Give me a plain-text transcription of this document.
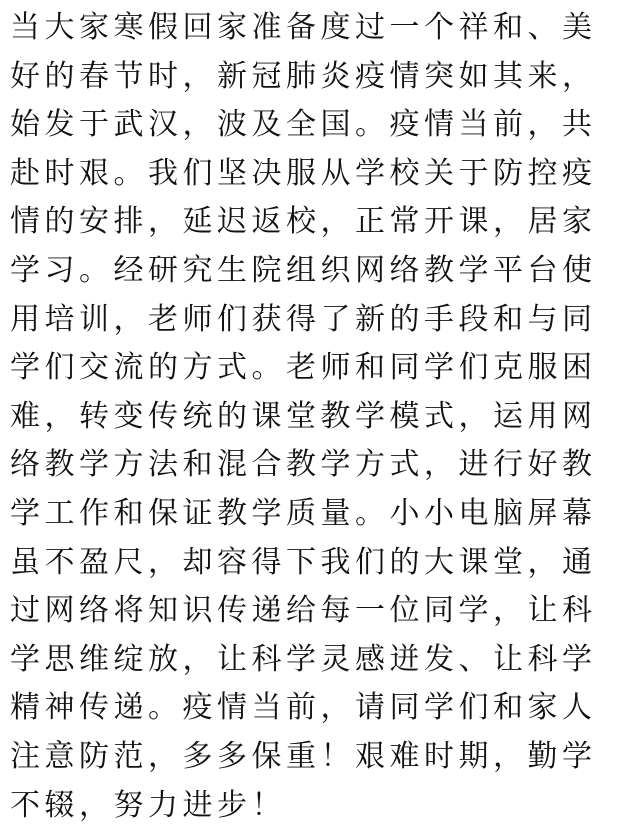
当大家寒假回家准备度过一个祥和、美
好的春节时，新冠肺炎疫情突如其来，
始发于武汉，波及全国。疫情当前，共
赴时艰。我们坚决服从学校关于防控疫
情的安排，延迟返校，正常开课，居家
学习。经研究生院组织网络教学平台使
用培训，老师们获得了新的手段和与同
学们交流的方式。老师和同学们克服困
难，转变传统的课堂教学模式，运用网
络教学方法和混合教学方式，进行好教
学工作和保证教学质量。小小电脑屏幕
虽不盈尺，却容得下我们的大课堂，通
过网络将知识传递给每一位同学，让科
学思维绽放，让科学灵感迸发、让科学
精神传递。疫情当前，请同学们和家人
注意防范，多多保重！艰难时期，勤学
不辍，努力进步！
